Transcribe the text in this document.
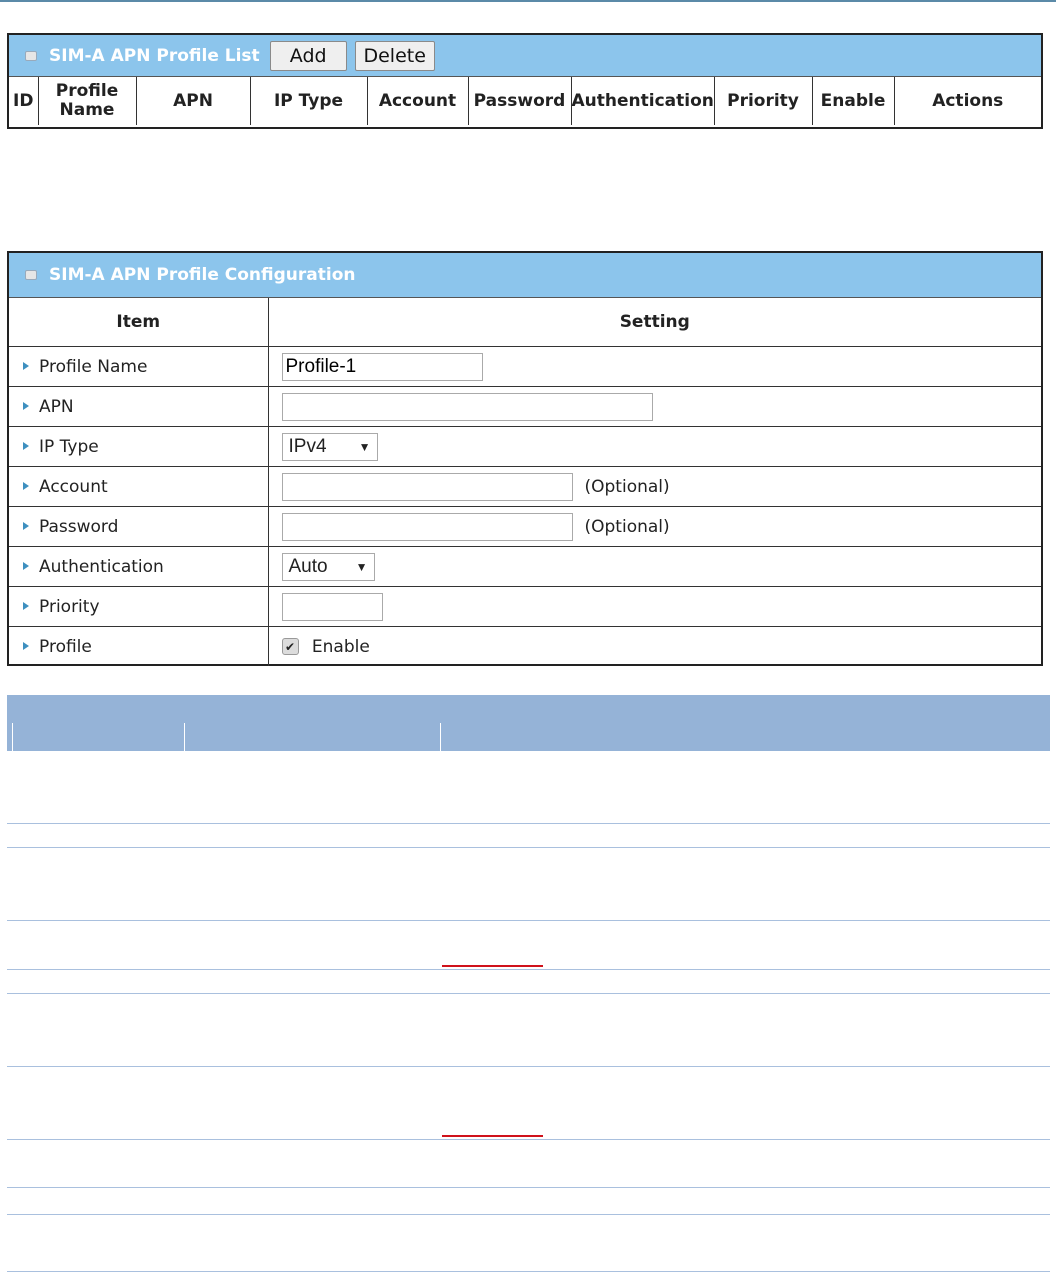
SIM-A APN Profile List	Add	Delete
ID	Profile Name	APN	IP Type	Account	Password	Authentication	Priority	Enable	Actions
SIM-A APN Profile Configuration
Item	Setting
Profile Name	Profile-1
APN	
IP Type	IPv4 ▼

Account	(Optional)
Password	(Optional)
Authentication	Auto ▼

Priority	
Profile	✔ Enable
